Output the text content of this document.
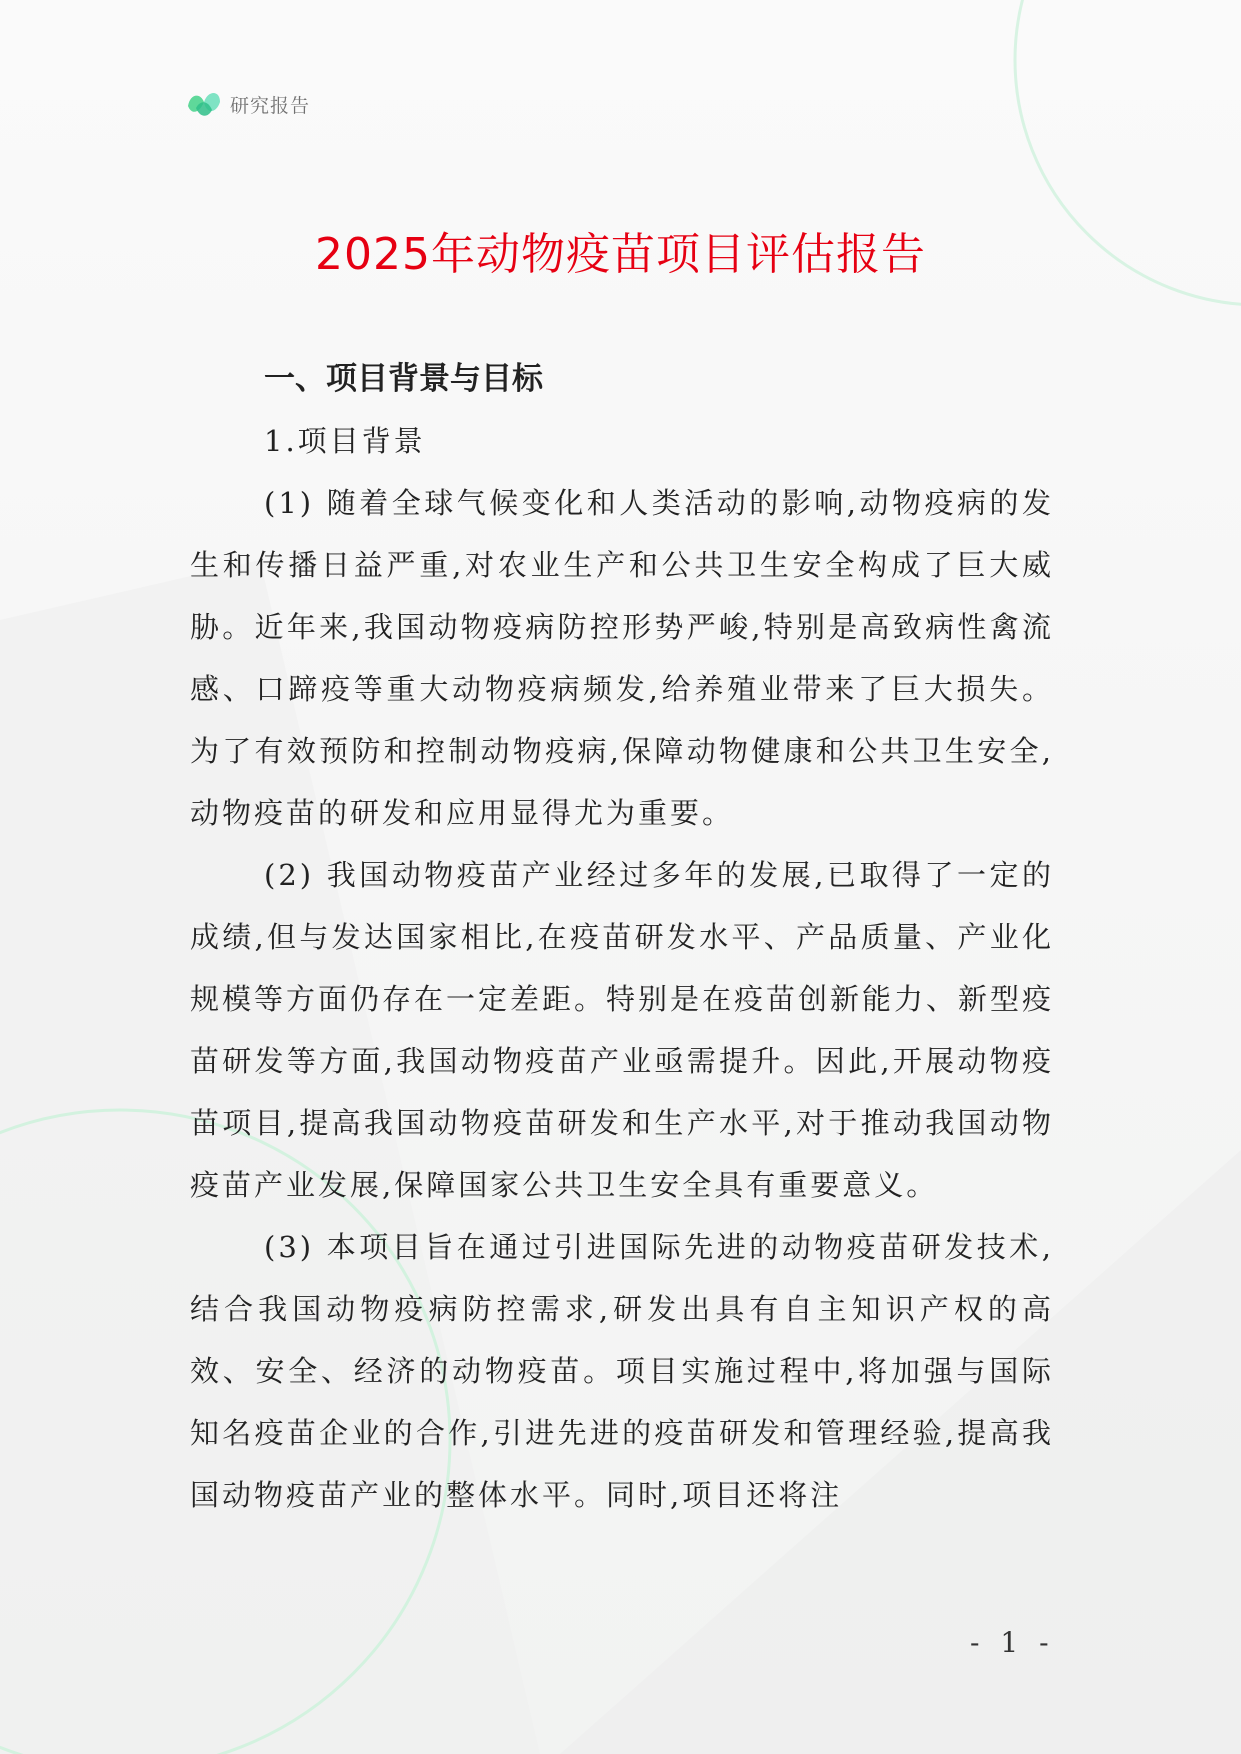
研究报告
2025年动物疫苗项目评估报告

一、项目背景与目标

1.项目背景

(1) 随着全球气候变化和人类活动的影响,动物疫病的发生和传播日益严重,对农业生产和公共卫生安全构成了巨大威胁。近年来,我国动物疫病防控形势严峻,特别是高致病性禽流感、口蹄疫等重大动物疫病频发,给养殖业带来了巨大损失。为了有效预防和控制动物疫病,保障动物健康和公共卫生安全,动物疫苗的研发和应用显得尤为重要。

(2) 我国动物疫苗产业经过多年的发展,已取得了一定的成绩,但与发达国家相比,在疫苗研发水平、产品质量、产业化规模等方面仍存在一定差距。特别是在疫苗创新能力、新型疫苗研发等方面,我国动物疫苗产业亟需提升。因此,开展动物疫苗项目,提高我国动物疫苗研发和生产水平,对于推动我国动物疫苗产业发展,保障国家公共卫生安全具有重要意义。

(3) 本项目旨在通过引进国际先进的动物疫苗研发技术,结合我国动物疫病防控需求,研发出具有自主知识产权的高效、安全、经济的动物疫苗。项目实施过程中,将加强与国际知名疫苗企业的合作,引进先进的疫苗研发和管理经验,提高我国动物疫苗产业的整体水平。同时,项目还将注

- 1 -
